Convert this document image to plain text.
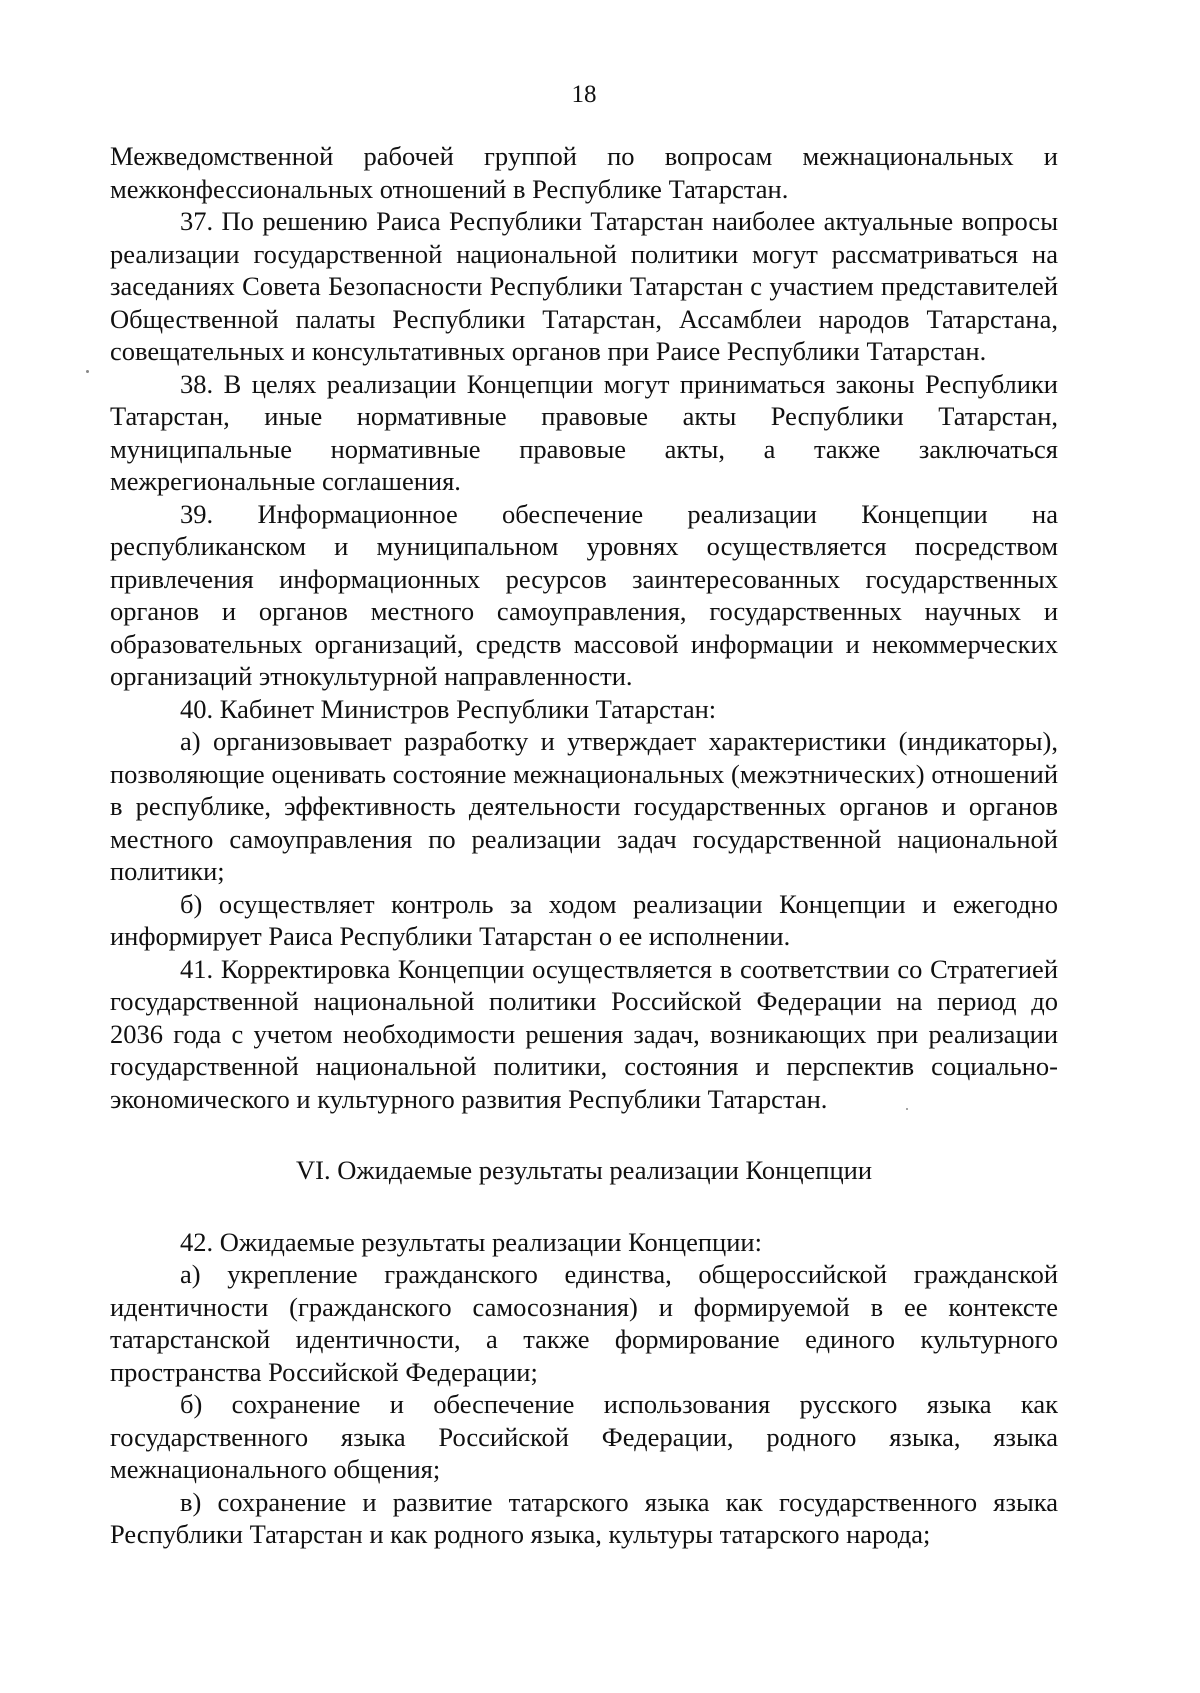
18

Межведомственной рабочей группой по вопросам межнациональных и межконфессиональных отношений в Республике Татарстан.

37. По решению Раиса Республики Татарстан наиболее актуальные вопросы реализации государственной национальной политики могут рассматриваться на заседаниях Совета Безопасности Республики Татарстан с участием представителей Общественной палаты Республики Татарстан, Ассамблеи народов Татарстана, совещательных и консультативных органов при Раисе Республики Татарстан.

38. В целях реализации Концепции могут приниматься законы Республики Татарстан, иные нормативные правовые акты Республики Татарстан, муниципальные нормативные правовые акты, а также заключаться межрегиональные соглашения.

39. Информационное обеспечение реализации Концепции на республиканском и муниципальном уровнях осуществляется посредством привлечения информационных ресурсов заинтересованных государственных органов и органов местного самоуправления, государственных научных и образовательных организаций, средств массовой информации и некоммерческих организаций этнокультурной направленности.

40. Кабинет Министров Республики Татарстан:

а) организовывает разработку и утверждает характеристики (индикаторы), позволяющие оценивать состояние межнациональных (межэтнических) отношений в республике, эффективность деятельности государственных органов и органов местного самоуправления по реализации задач государственной национальной политики;

б) осуществляет контроль за ходом реализации Концепции и ежегодно информирует Раиса Республики Татарстан о ее исполнении.

41. Корректировка Концепции осуществляется в соответствии со Стратегией государственной национальной политики Российской Федерации на период до 2036 года с учетом необходимости решения задач, возникающих при реализации государственной национальной политики, состояния и перспектив социально-экономического и культурного развития Республики Татарстан.

VI. Ожидаемые результаты реализации Концепции

42. Ожидаемые результаты реализации Концепции:

а) укрепление гражданского единства, общероссийской гражданской идентичности (гражданского самосознания) и формируемой в ее контексте татарстанской идентичности, а также формирование единого культурного пространства Российской Федерации;

б) сохранение и обеспечение использования русского языка как государственного языка Российской Федерации, родного языка, языка межнационального общения;

в) сохранение и развитие татарского языка как государственного языка Республики Татарстан и как родного языка, культуры татарского народа;
